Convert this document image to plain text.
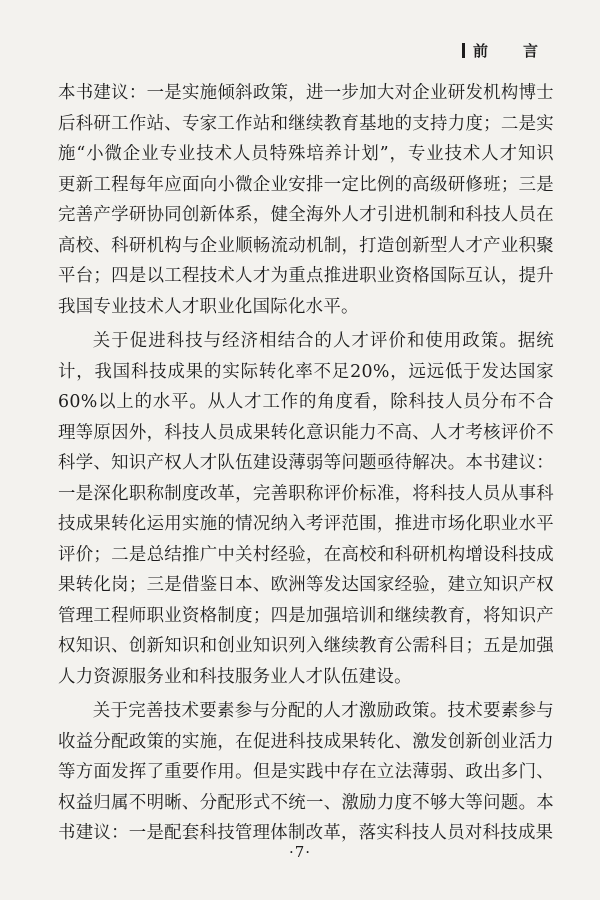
前　言

本书建议：一是实施倾斜政策，进一步加大对企业研发机构博士后科研工作站、专家工作站和继续教育基地的支持力度；二是实施“小微企业专业技术人员特殊培养计划”，专业技术人才知识更新工程每年应面向小微企业安排一定比例的高级研修班；三是完善产学研协同创新体系，健全海外人才引进机制和科技人员在高校、科研机构与企业顺畅流动机制，打造创新型人才产业积聚平台；四是以工程技术人才为重点推进职业资格国际互认，提升我国专业技术人才职业化国际化水平。

关于促进科技与经济相结合的人才评价和使用政策。据统计，我国科技成果的实际转化率不足20%，远远低于发达国家60%以上的水平。从人才工作的角度看，除科技人员分布不合理等原因外，科技人员成果转化意识能力不高、人才考核评价不科学、知识产权人才队伍建设薄弱等问题亟待解决。本书建议：一是深化职称制度改革，完善职称评价标准，将科技人员从事科技成果转化运用实施的情况纳入考评范围，推进市场化职业水平评价；二是总结推广中关村经验，在高校和科研机构增设科技成果转化岗；三是借鉴日本、欧洲等发达国家经验，建立知识产权管理工程师职业资格制度；四是加强培训和继续教育，将知识产权知识、创新知识和创业知识列入继续教育公需科目；五是加强人力资源服务业和科技服务业人才队伍建设。

关于完善技术要素参与分配的人才激励政策。技术要素参与收益分配政策的实施，在促进科技成果转化、激发创新创业活力等方面发挥了重要作用。但是实践中存在立法薄弱、政出多门、权益归属不明晰、分配形式不统一、激励力度不够大等问题。本书建议：一是配套科技管理体制改革，落实科技人员对科技成果

·7·
